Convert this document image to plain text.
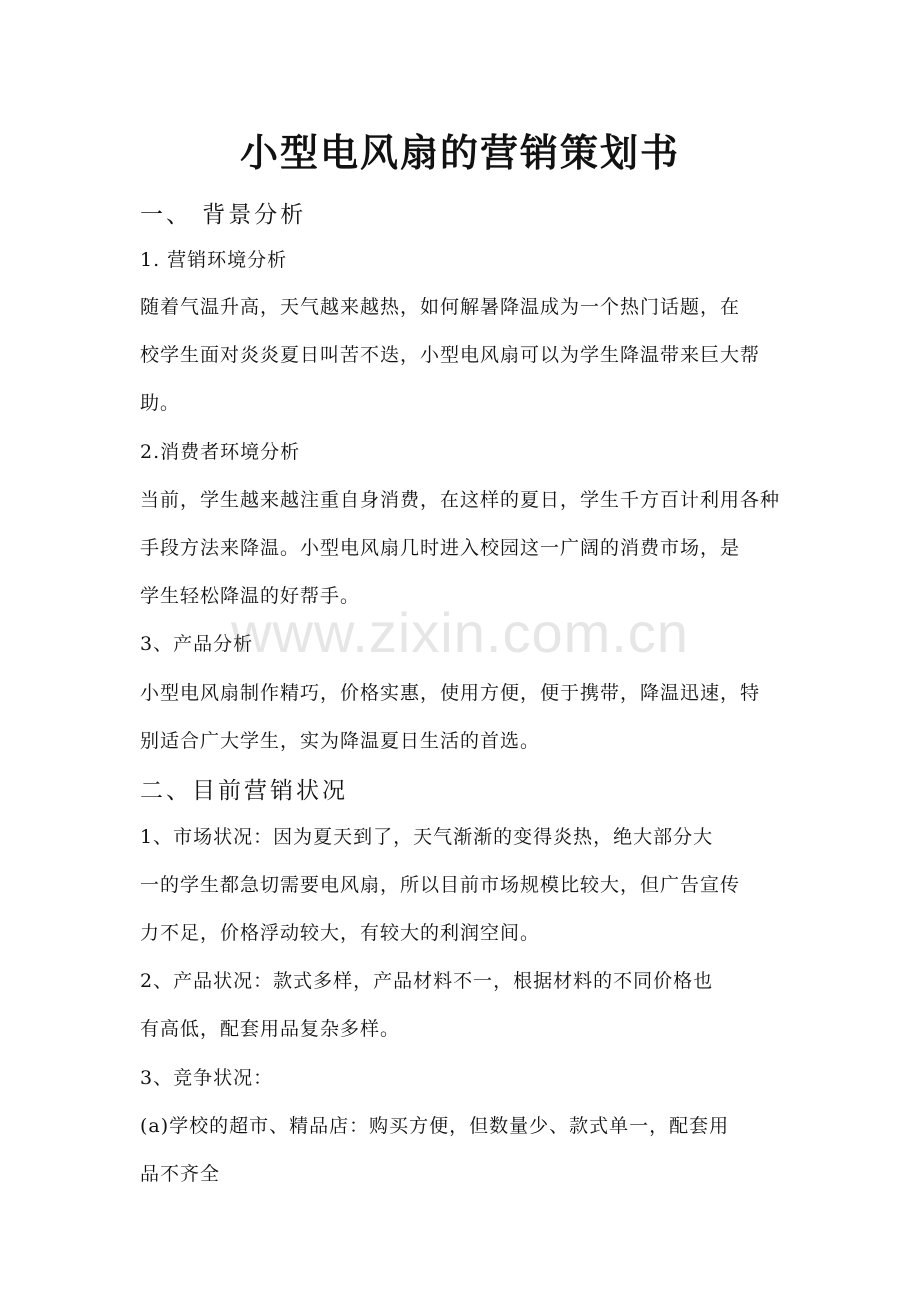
小型电风扇的营销策划书

一、 背景分析

1. 营销环境分析

随着气温升高，天气越来越热，如何解暑降温成为一个热门话题，在

校学生面对炎炎夏日叫苦不迭，小型电风扇可以为学生降温带来巨大帮

助。

2.消费者环境分析

当前，学生越来越注重自身消费，在这样的夏日，学生千方百计利用各种

手段方法来降温。小型电风扇几时进入校园这一广阔的消费市场，是

学生轻松降温的好帮手。

3、产品分析

小型电风扇制作精巧，价格实惠，使用方便，便于携带，降温迅速，特

别适合广大学生，实为降温夏日生活的首选。

二、目前营销状况

1、市场状况：因为夏天到了，天气渐渐的变得炎热，绝大部分大

一的学生都急切需要电风扇，所以目前市场规模比较大，但广告宣传

力不足，价格浮动较大，有较大的利润空间。

2、产品状况：款式多样，产品材料不一，根据材料的不同价格也

有高低，配套用品复杂多样。

3、竞争状况：

(a)学校的超市、精品店：购买方便，但数量少、款式单一，配套用

品不齐全

www.zixin.com.cn
